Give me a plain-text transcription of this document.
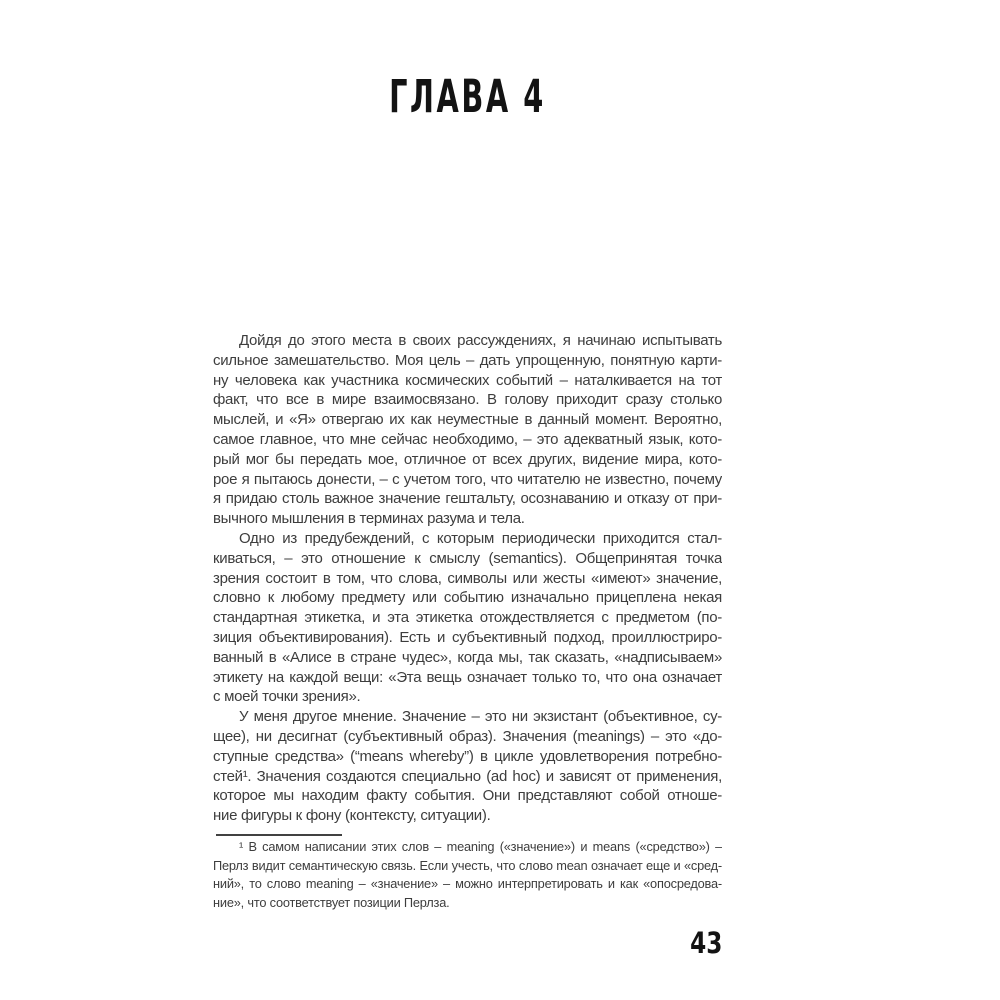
ГЛАВА 4
Дойдя до этого места в своих рассуждениях, я начинаю испытывать
сильное замешательство. Моя цель – дать упрощенную, понятную карти-
ну человека как участника космических событий – наталкивается на тот
факт, что все в мире взаимосвязано. В голову приходит сразу столько
мыслей, и «Я» отвергаю их как неуместные в данный момент. Вероятно,
самое главное, что мне сейчас необходимо, – это адекватный язык, кото-
рый мог бы передать мое, отличное от всех других, видение мира, кото-
рое я пытаюсь донести, – с учетом того, что читателю не известно, почему
я придаю столь важное значение гештальту, осознаванию и отказу от при-
вычного мышления в терминах разума и тела.
Одно из предубеждений, с которым периодически приходится стал-
киваться, – это отношение к смыслу (semantics). Общепринятая точка
зрения состоит в том, что слова, символы или жесты «имеют» значение,
словно к любому предмету или событию изначально прицеплена некая
стандартная этикетка, и эта этикетка отождествляется с предметом (по-
зиция объективирования). Есть и субъективный подход, проиллюстриро-
ванный в «Алисе в стране чудес», когда мы, так сказать, «надписываем»
этикету на каждой вещи: «Эта вещь означает только то, что она означает
с моей точки зрения».
У меня другое мнение. Значение – это ни экзистант (объективное, су-
щее), ни десигнат (субъективный образ). Значения (meanings) – это «до-
ступные средства» (“means whereby”) в цикле удовлетворения потребно-
стей¹. Значения создаются специально (ad hoc) и зависят от применения,
которое мы находим факту события. Они представляют собой отноше-
ние фигуры к фону (контексту, ситуации).
¹ В самом написании этих слов – meaning («значение») и means («средство») –
Перлз видит семантическую связь. Если учесть, что слово mean означает еще и «сред-
ний», то слово meaning – «значение» – можно интерпретировать и как «опосредова-
ние», что соответствует позиции Перлза.
43
